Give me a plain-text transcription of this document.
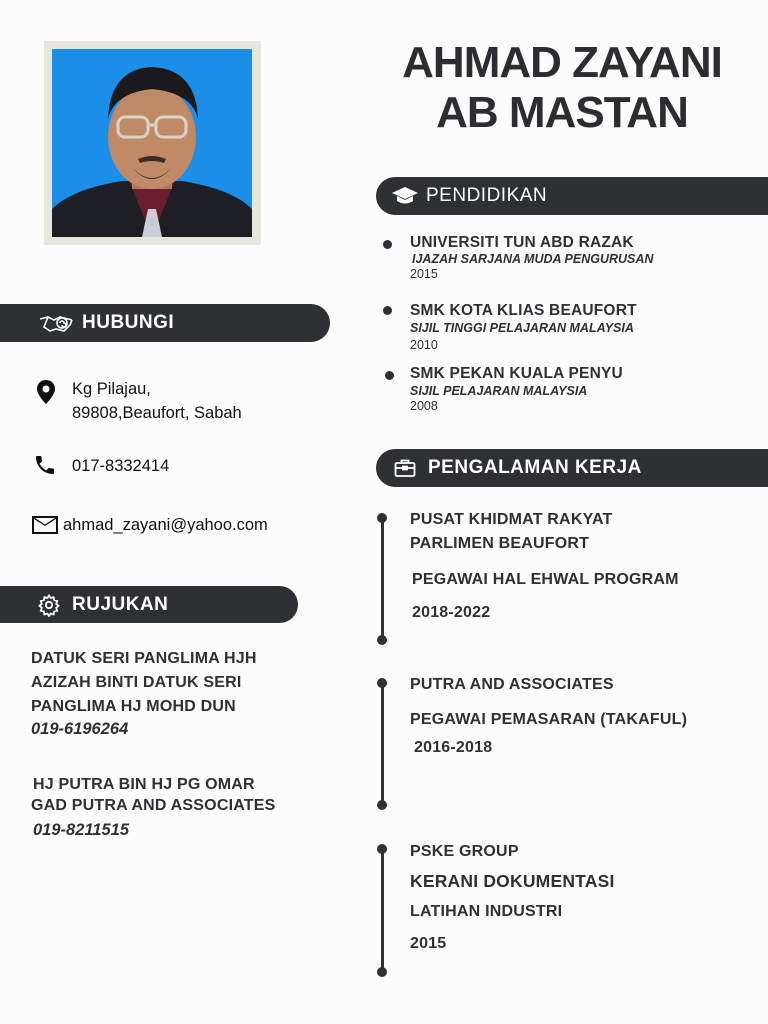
AHMAD ZAYANI
AB MASTAN
HUBUNGI
Kg Pilajau,
89808,Beaufort, Sabah
017-8332414
ahmad_zayani@yahoo.com
RUJUKAN
DATUK SERI PANGLIMA HJH
AZIZAH BINTI DATUK SERI
PANGLIMA HJ MOHD DUN
019-6196264
HJ PUTRA BIN HJ PG OMAR
GAD PUTRA AND ASSOCIATES
019-8211515
PENDIDIKAN
UNIVERSITI TUN ABD RAZAK
IJAZAH SARJANA MUDA PENGURUSAN
2015
SMK KOTA KLIAS BEAUFORT
SIJIL TINGGI PELAJARAN MALAYSIA
2010
SMK PEKAN KUALA PENYU
SIJIL PELAJARAN MALAYSIA
2008
PENGALAMAN KERJA
PUSAT KHIDMAT RAKYAT
PARLIMEN BEAUFORT
PEGAWAI HAL EHWAL PROGRAM
2018-2022
PUTRA AND ASSOCIATES
PEGAWAI PEMASARAN (TAKAFUL)
2016-2018
PSKE GROUP
KERANI DOKUMENTASI
LATIHAN INDUSTRI
2015
